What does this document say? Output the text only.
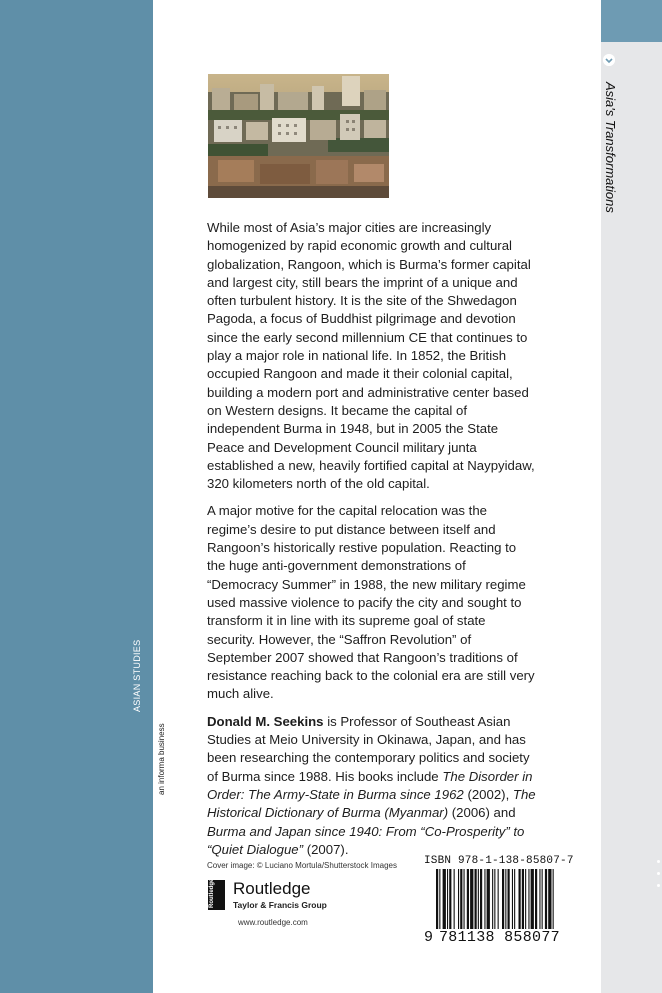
ASIAN STUDIES
Asia's Transformations

While most of Asia’s major cities are increasingly homogenized by rapid economic growth and cultural globalization, Rangoon, which is Burma’s former capital and largest city, still bears the imprint of a unique and often turbulent history. It is the site of the Shwedagon Pagoda, a focus of Buddhist pilgrimage and devotion since the early second millennium CE that continues to play a major role in national life. In 1852, the British occupied Rangoon and made it their colonial capital, building a modern port and administrative center based on Western designs. It became the capital of independent Burma in 1948, but in 2005 the State Peace and Development Council military junta established a new, heavily fortified capital at Naypyidaw, 320 kilometers north of the old capital.

A major motive for the capital relocation was the regime’s desire to put distance between itself and Rangoon’s historically restive population. Reacting to the huge anti-government demonstrations of “Democracy Summer” in 1988, the new military regime used massive violence to pacify the city and sought to transform it in line with its supreme goal of state security. However, the “Saffron Revolution” of September 2007 showed that Rangoon’s traditions of resistance reaching back to the colonial era are still very much alive.

Donald M. Seekins is Professor of Southeast Asian Studies at Meio University in Okinawa, Japan, and has been researching the contemporary politics and society of Burma since 1988. His books include The Disorder in Order: The Army-State in Burma since 1962 (2002), The Historical Dictionary of Burma (Myanmar) (2006) and Burma and Japan since 1940: From “Co-Prosperity” to “Quiet Dialogue” (2007).

an informa business
Cover image: © Luciano Mortula/Shutterstock Images
Routledge Routledge
Taylor & Francis Group
www.routledge.com
ISBN 978-1-138-85807-7
9 781138 858077
